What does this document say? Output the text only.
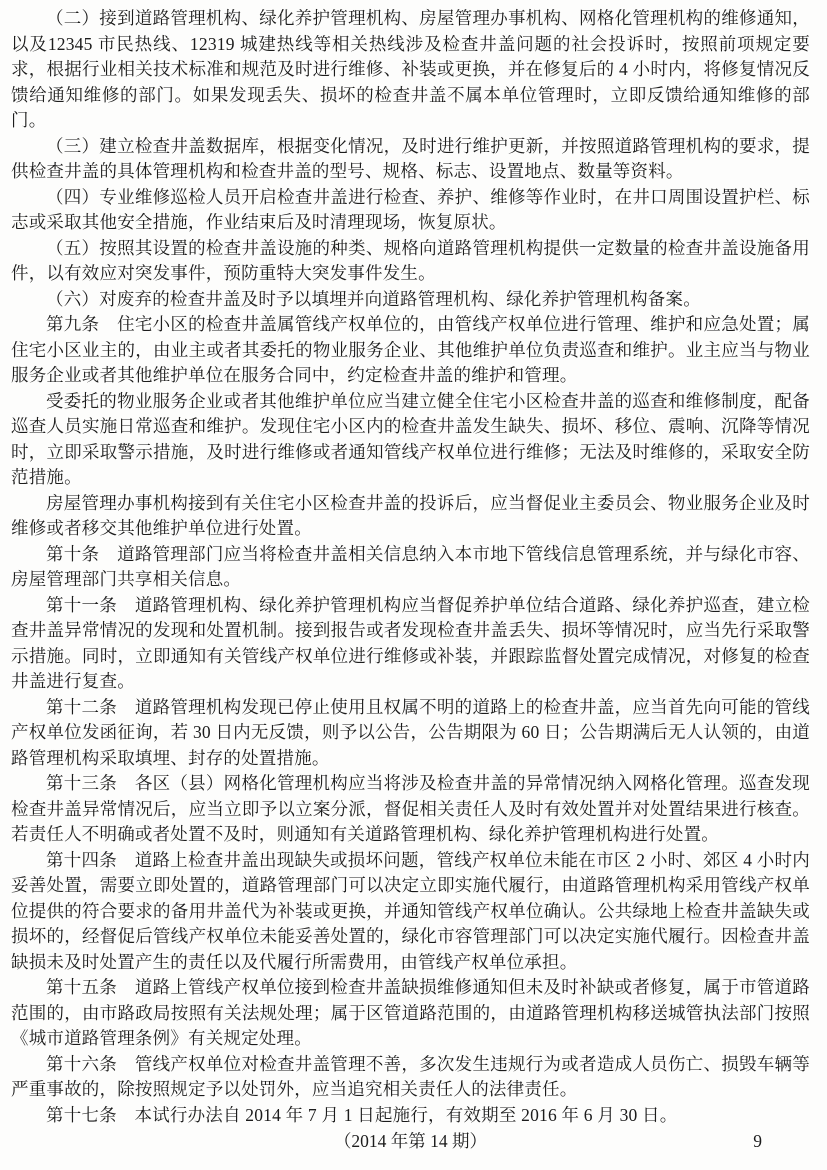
（二）接到道路管理机构、绿化养护管理机构、房屋管理办事机构、网格化管理机构的维修通知，以及12345 市民热线、12319 城建热线等相关热线涉及检查井盖问题的社会投诉时，按照前项规定要求，根据行业相关技术标准和规范及时进行维修、补装或更换，并在修复后的 4 小时内，将修复情况反馈给通知维修的部门。如果发现丢失、损坏的检查井盖不属本单位管理时，立即反馈给通知维修的部门。

（三）建立检查井盖数据库，根据变化情况，及时进行维护更新，并按照道路管理机构的要求，提供检查井盖的具体管理机构和检查井盖的型号、规格、标志、设置地点、数量等资料。

（四）专业维修巡检人员开启检查井盖进行检查、养护、维修等作业时，在井口周围设置护栏、标志或采取其他安全措施，作业结束后及时清理现场，恢复原状。

（五）按照其设置的检查井盖设施的种类、规格向道路管理机构提供一定数量的检查井盖设施备用件，以有效应对突发事件，预防重特大突发事件发生。

（六）对废弃的检查井盖及时予以填埋并向道路管理机构、绿化养护管理机构备案。

第九条　住宅小区的检查井盖属管线产权单位的，由管线产权单位进行管理、维护和应急处置；属住宅小区业主的，由业主或者其委托的物业服务企业、其他维护单位负责巡查和维护。业主应当与物业服务企业或者其他维护单位在服务合同中，约定检查井盖的维护和管理。

受委托的物业服务企业或者其他维护单位应当建立健全住宅小区检查井盖的巡查和维修制度，配备巡查人员实施日常巡查和维护。发现住宅小区内的检查井盖发生缺失、损坏、移位、震响、沉降等情况时，立即采取警示措施，及时进行维修或者通知管线产权单位进行维修；无法及时维修的，采取安全防范措施。

房屋管理办事机构接到有关住宅小区检查井盖的投诉后，应当督促业主委员会、物业服务企业及时维修或者移交其他维护单位进行处置。

第十条　道路管理部门应当将检查井盖相关信息纳入本市地下管线信息管理系统，并与绿化市容、房屋管理部门共享相关信息。

第十一条　道路管理机构、绿化养护管理机构应当督促养护单位结合道路、绿化养护巡查，建立检查井盖异常情况的发现和处置机制。接到报告或者发现检查井盖丢失、损坏等情况时，应当先行采取警示措施。同时，立即通知有关管线产权单位进行维修或补装，并跟踪监督处置完成情况，对修复的检查井盖进行复查。

第十二条　道路管理机构发现已停止使用且权属不明的道路上的检查井盖，应当首先向可能的管线产权单位发函征询，若 30 日内无反馈，则予以公告，公告期限为 60 日；公告期满后无人认领的，由道路管理机构采取填埋、封存的处置措施。

第十三条　各区（县）网格化管理机构应当将涉及检查井盖的异常情况纳入网格化管理。巡查发现检查井盖异常情况后，应当立即予以立案分派，督促相关责任人及时有效处置并对处置结果进行核查。若责任人不明确或者处置不及时，则通知有关道路管理机构、绿化养护管理机构进行处置。

第十四条　道路上检查井盖出现缺失或损坏问题，管线产权单位未能在市区 2 小时、郊区 4 小时内妥善处置，需要立即处置的，道路管理部门可以决定立即实施代履行，由道路管理机构采用管线产权单位提供的符合要求的备用井盖代为补装或更换，并通知管线产权单位确认。公共绿地上检查井盖缺失或损坏的，经督促后管线产权单位未能妥善处置的，绿化市容管理部门可以决定实施代履行。因检查井盖缺损未及时处置产生的责任以及代履行所需费用，由管线产权单位承担。

第十五条　道路上管线产权单位接到检查井盖缺损维修通知但未及时补缺或者修复，属于市管道路范围的，由市路政局按照有关法规处理；属于区管道路范围的，由道路管理机构移送城管执法部门按照《城市道路管理条例》有关规定处理。

第十六条　管线产权单位对检查井盖管理不善，多次发生违规行为或者造成人员伤亡、损毁车辆等严重事故的，除按照规定予以处罚外，应当追究相关责任人的法律责任。

第十七条　本试行办法自 2014 年 7 月 1 日起施行，有效期至 2016 年 6 月 30 日。

（2014 年第 14 期）	9
